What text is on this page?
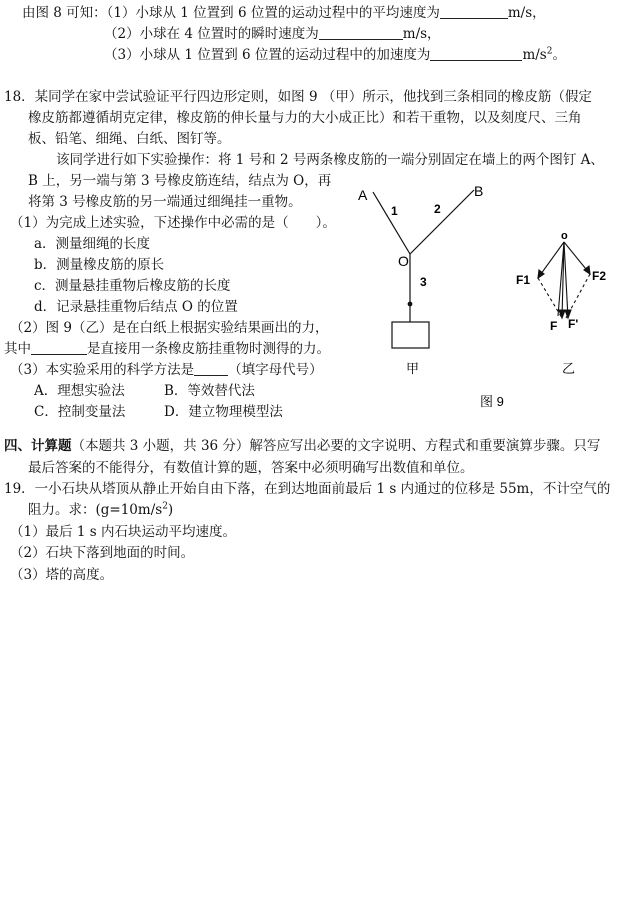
由图 8 可知：（1）小球从 1 位置到 6 位置的运动过程中的平均速度为	m/s，
（2）小球在 4 位置时的瞬时速度为	m/s，
（3）小球从 1 位置到 6 位置的运动过程中的加速度为	$m/s^2$。
18．某同学在家中尝试验证平行四边形定则，如图 9 （甲）所示，他找到三条相同的橡皮筋（假定
橡皮筋都遵循胡克定律，橡皮筋的伸长量与力的大小成正比）和若干重物，以及刻度尺、三角
板、铅笔、细绳、白纸、图钉等。
该同学进行如下实验操作：将 1 号和 2 号两条橡皮筋的一端分别固定在墙上的两个图钉 A、
B 上，另一端与第 3 号橡皮筋连结，结点为 O，再
将第 3 号橡皮筋的另一端通过细绳挂一重物。
（1）为完成上述实验，下述操作中必需的是（　　）。
a．测量细绳的长度
b．测量橡皮筋的原长
c．测量悬挂重物后橡皮筋的长度
d．记录悬挂重物后结点 O 的位置
（2）图 9（乙）是在白纸上根据实验结果画出的力，
其中	是直接用一条橡皮筋挂重物时测得的力。
（3）本实验采用的科学方法是	（填字母代号）
A．理想实验法	B．等效替代法
C．控制变量法	D．建立物理模型法
A	B
1	2
O
3
甲
o
F1	F2
F F'
乙
图 9
四、计算题（本题共 3 小题，共 36 分）解答应写出必要的文字说明、方程式和重要演算步骤。只写
最后答案的不能得分，有数值计算的题，答案中必须明确写出数值和单位。
19．一小石块从塔顶从静止开始自由下落，在到达地面前最后 1 s 内通过的位移是 55m，不计空气的
阻力。求：$(g=10m/s^2)$
（1）最后 1 s 内石块运动平均速度。
（2）石块下落到地面的时间。
（3）塔的高度。
